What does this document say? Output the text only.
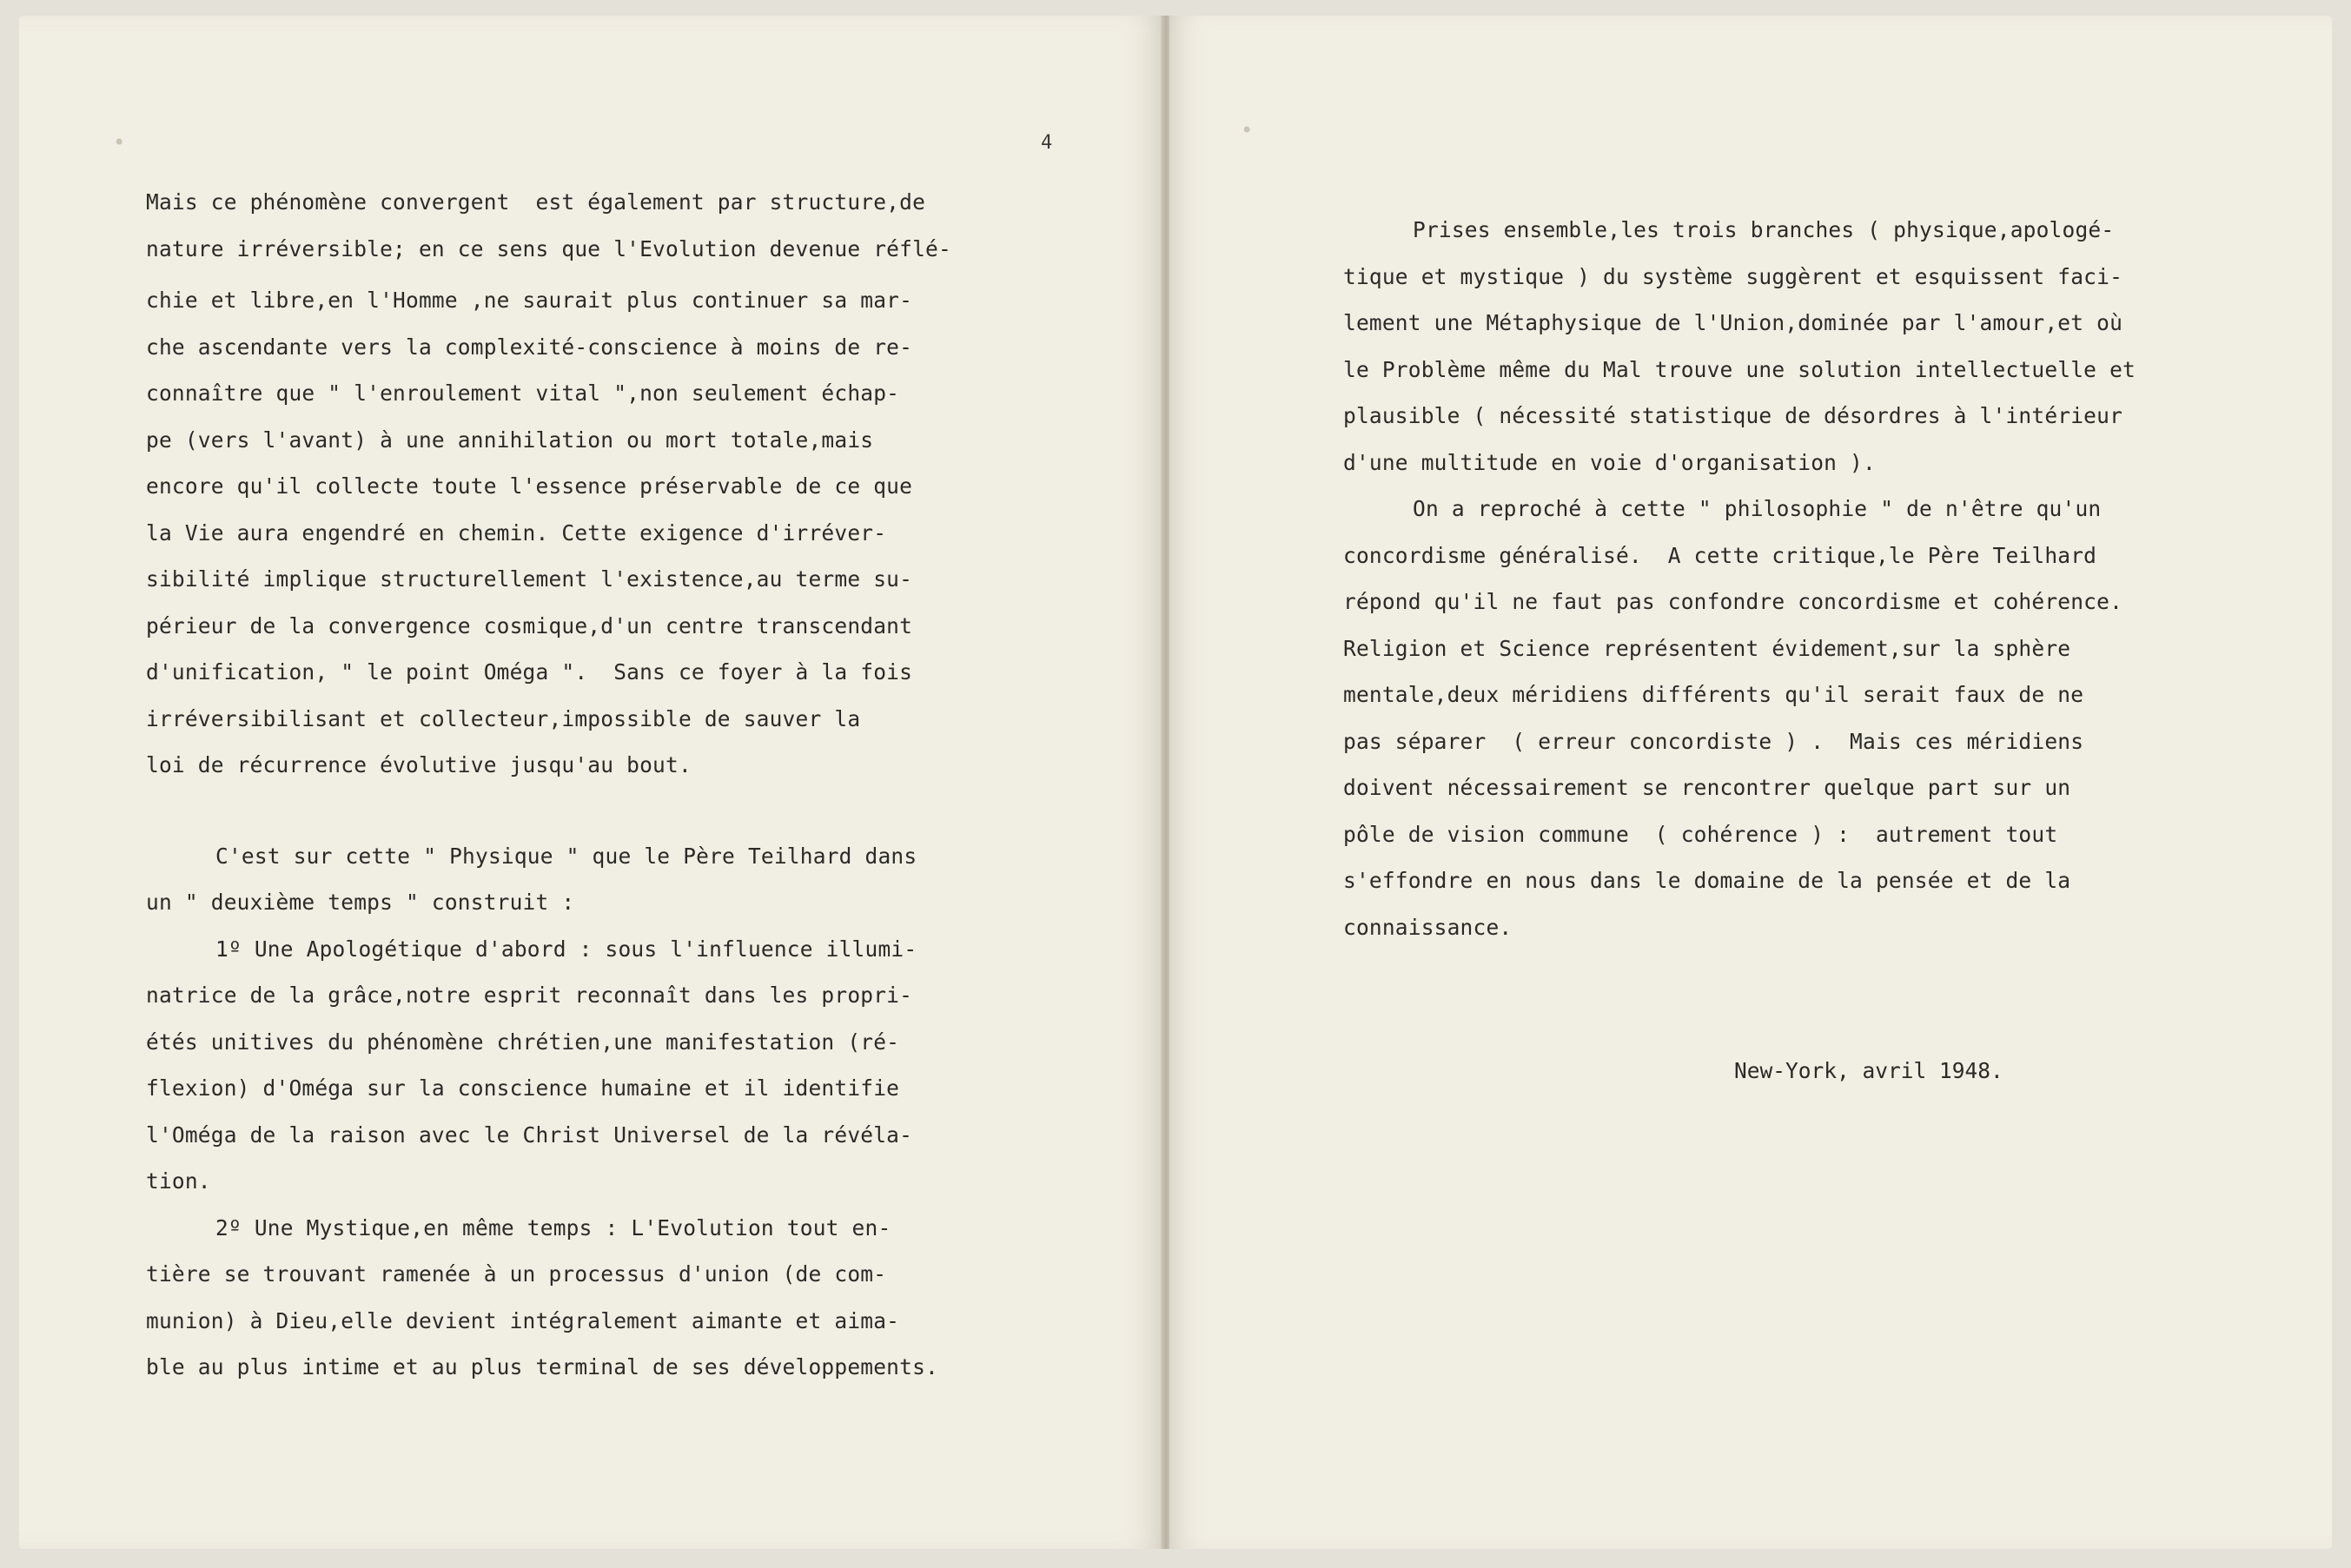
•	•
4
Mais ce phénomène convergent  est également par structure,de
nature irréversible; en ce sens que l'Evolution devenue réflé-
chie et libre,en l'Homme ,ne saurait plus continuer sa mar-
che ascendante vers la complexité-conscience à moins de re-
connaître que " l'enroulement vital ",non seulement échap-
pe (vers l'avant) à une annihilation ou mort totale,mais
encore qu'il collecte toute l'essence préservable de ce que
la Vie aura engendré en chemin. Cette exigence d'irréver-
sibilité implique structurellement l'existence,au terme su-
périeur de la convergence cosmique,d'un centre transcendant
d'unification, " le point Oméga ".  Sans ce foyer à la fois
irréversibilisant et collecteur,impossible de sauver la
loi de récurrence évolutive jusqu'au bout.
C'est sur cette " Physique " que le Père Teilhard dans
un " deuxième temps " construit :
1º Une Apologétique d'abord : sous l'influence illumi-
natrice de la grâce,notre esprit reconnaît dans les propri-
étés unitives du phénomène chrétien,une manifestation (ré-
flexion) d'Oméga sur la conscience humaine et il identifie
l'Oméga de la raison avec le Christ Universel de la révéla-
tion.
2º Une Mystique,en même temps : L'Evolution tout en-
tière se trouvant ramenée à un processus d'union (de com-
munion) à Dieu,elle devient intégralement aimante et aima-
ble au plus intime et au plus terminal de ses développements.
Prises ensemble,les trois branches ( physique,apologé-
tique et mystique ) du système suggèrent et esquissent faci-
lement une Métaphysique de l'Union,dominée par l'amour,et où
le Problème même du Mal trouve une solution intellectuelle et
plausible ( nécessité statistique de désordres à l'intérieur
d'une multitude en voie d'organisation ).
On a reproché à cette " philosophie " de n'être qu'un
concordisme généralisé.  A cette critique,le Père Teilhard
répond qu'il ne faut pas confondre concordisme et cohérence.
Religion et Science représentent évidement,sur la sphère
mentale,deux méridiens différents qu'il serait faux de ne
pas séparer  ( erreur concordiste ) .  Mais ces méridiens
doivent nécessairement se rencontrer quelque part sur un
pôle de vision commune  ( cohérence ) :  autrement tout
s'effondre en nous dans le domaine de la pensée et de la
connaissance.
New-York, avril 1948.
